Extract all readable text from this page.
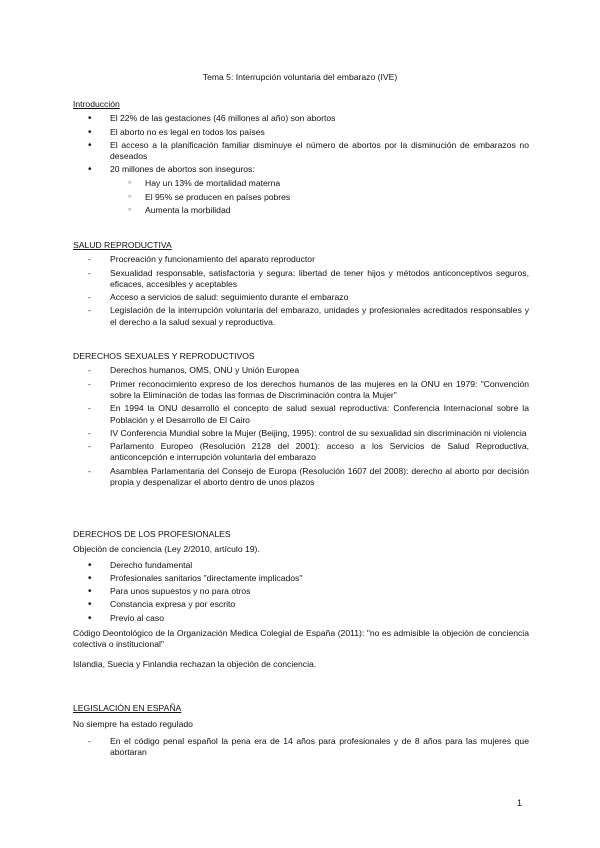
Tema 5: Interrupción voluntaria del embarazo (IVE)
Introducción
• El 22% de las gestaciones (46 millones al año) son abortos
• El aborto no es legal en todos los países
• El acceso a la planificación familiar disminuye el número de abortos por la disminución de embarazos no deseados
• 20 millones de abortos son inseguros:
○ Hay un 13% de mortalidad materna
○ El 95% se producen en países pobres
○ Aumenta la morbilidad
SALUD REPRODUCTIVA
- Procreación y funcionamiento del aparato reproductor
- Sexualidad responsable, satisfactoria y segura: libertad de tener hijos y métodos anticonceptivos seguros, eficaces, accesibles y aceptables
- Acceso a servicios de salud: seguimiento durante el embarazo
- Legislación de la interrupción voluntaria del embarazo, unidades y profesionales acreditados responsables y el derecho a la salud sexual y reproductiva.
DERECHOS SEXUALES Y REPRODUCTIVOS
- Derechos humanos, OMS, ONU y Unión Europea
- Primer reconocimiento expreso de los derechos humanos de las mujeres en la ONU en 1979: "Convención sobre la Eliminación de todas las formas de Discriminación contra la Mujer"
- En 1994 la ONU desarrolló el concepto de salud sexual reproductiva: Conferencia Internacional sobre la Población y el Desarrollo de El Cairo
- IV Conferencia Mundial sobre la Mujer (Beijing, 1995): control de su sexualidad sin discriminación ni violencia
- Parlamento Europeo (Resolución 2128 del 2001): acceso a los Servicios de Salud Reproductiva, anticoncepción e interrupción voluntaria del embarazo
- Asamblea Parlamentaria del Consejo de Europa (Resolución 1607 del 2008): derecho al aborto por decisión propia y despenalizar el aborto dentro de unos plazos
DERECHOS DE LOS PROFESIONALES

Objeción de conciencia (Ley 2/2010, artículo 19).

• Derecho fundamental
• Profesionales sanitarios "directamente implicados"
• Para unos supuestos y no para otros
• Constancia expresa y por escrito
• Previo al caso

Código Deontológico de la Organización Medica Colegial de España (2011): "no es admisible la objeción de conciencia colectiva o institucional"

Islandia, Suecia y Finlandia rechazan la objeción de conciencia.

LEGISLACIÓN EN ESPAÑA

No siempre ha estado regulado

- En el código penal español la pena era de 14 años para profesionales y de 8 años para las mujeres que abortaran
1
